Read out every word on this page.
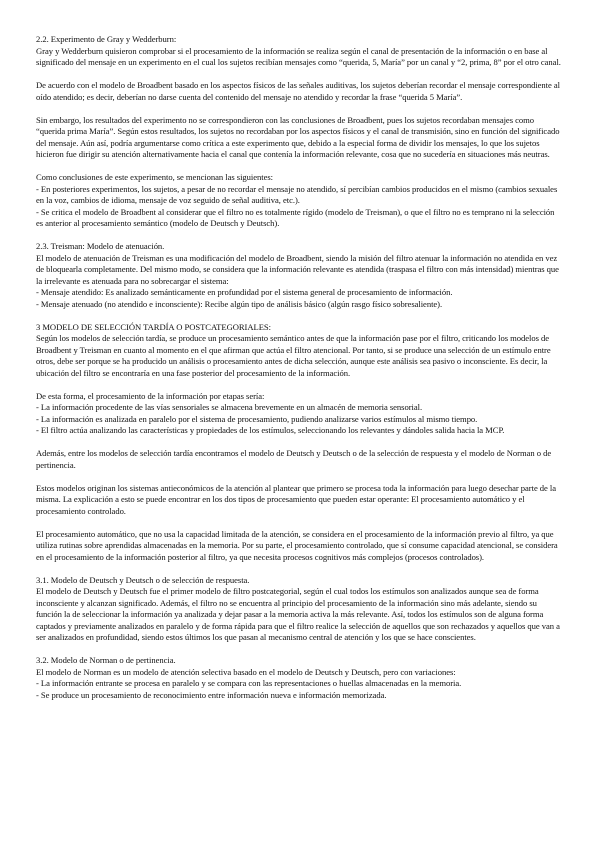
2.2. Experimento de Gray y Wedderburn:

Gray y Wedderburn quisieron comprobar si el procesamiento de la información se realiza según el canal de presentación de la información o en base al significado del mensaje en un experimento en el cual los sujetos recibían mensajes como “querida, 5, María” por un canal y “2, prima, 8” por el otro canal.

De acuerdo con el modelo de Broadbent basado en los aspectos físicos de las señales auditivas, los sujetos deberían recordar el mensaje correspondiente al oído atendido; es decir, deberían no darse cuenta del contenido del mensaje no atendido y recordar la frase “querida 5 María”.

Sin embargo, los resultados del experimento no se correspondieron con las conclusiones de Broadbent, pues los sujetos recordaban mensajes como “querida prima María”. Según estos resultados, los sujetos no recordaban por los aspectos físicos y el canal de transmisión, sino en función del significado del mensaje. Aún así, podría argumentarse como crítica a este experimento que, debido a la especial forma de dividir los mensajes, lo que los sujetos hicieron fue dirigir su atención alternativamente hacia el canal que contenía la información relevante, cosa que no sucedería en situaciones más neutras.

Como conclusiones de este experimento, se mencionan las siguientes:
- En posteriores experimentos, los sujetos, a pesar de no recordar el mensaje no atendido, sí percibían cambios producidos en el mismo (cambios sexuales en la voz, cambios de idioma, mensaje de voz seguido de señal auditiva, etc.).
- Se critica el modelo de Broadbent al considerar que el filtro no es totalmente rígido (modelo de Treisman), o que el filtro no es temprano ni la selección es anterior al procesamiento semántico (modelo de Deutsch y Deutsch).

2.3. Treisman: Modelo de atenuación.

El modelo de atenuación de Treisman es una modificación del modelo de Broadbent, siendo la misión del filtro atenuar la información no atendida en vez de bloquearla completamente. Del mismo modo, se considera que la información relevante es atendida (traspasa el filtro con más intensidad) mientras que la irrelevante es atenuada para no sobrecargar el sistema:
- Mensaje atendido: Es analizado semánticamente en profundidad por el sistema general de procesamiento de información.
- Mensaje atenuado (no atendido e inconsciente): Recibe algún tipo de análisis básico (algún rasgo físico sobresaliente).

3 MODELO DE SELECCIÓN TARDÍA O POSTCATEGORIALES:

Según los modelos de selección tardía, se produce un procesamiento semántico antes de que la información pase por el filtro, criticando los modelos de Broadbent y Treisman en cuanto al momento en el que afirman que actúa el filtro atencional. Por tanto, si se produce una selección de un estímulo entre otros, debe ser porque se ha producido un análisis o procesamiento antes de dicha selección, aunque este análisis sea pasivo o inconsciente. Es decir, la ubicación del filtro se encontraría en una fase posterior del procesamiento de la información.

De esta forma, el procesamiento de la información por etapas sería:
- La información procedente de las vías sensoriales se almacena brevemente en un almacén de memoria sensorial.
- La información es analizada en paralelo por el sistema de procesamiento, pudiendo analizarse varios estímulos al mismo tiempo.
- El filtro actúa analizando las características y propiedades de los estímulos, seleccionando los relevantes y dándoles salida hacia la MCP.

Además, entre los modelos de selección tardía encontramos el modelo de Deutsch y Deutsch o de la selección de respuesta y el modelo de Norman o de pertinencia.

Estos modelos originan los sistemas antieconómicos de la atención al plantear que primero se procesa toda la información para luego desechar parte de la misma. La explicación a esto se puede encontrar en los dos tipos de procesamiento que pueden estar operante: El procesamiento automático y el procesamiento controlado.

El procesamiento automático, que no usa la capacidad limitada de la atención, se considera en el procesamiento de la información previo al filtro, ya que utiliza rutinas sobre aprendidas almacenadas en la memoria. Por su parte, el procesamiento controlado, que sí consume capacidad atencional, se considera en el procesamiento de la información posterior al filtro, ya que necesita procesos cognitivos más complejos (procesos controlados).

3.1. Modelo de Deutsch y Deutsch o de selección de respuesta.

El modelo de Deutsch y Deutsch fue el primer modelo de filtro postcategorial, según el cual todos los estímulos son analizados aunque sea de forma inconsciente y alcanzan significado. Además, el filtro no se encuentra al principio del procesamiento de la información sino más adelante, siendo su función la de seleccionar la información ya analizada y dejar pasar a la memoria activa la más relevante. Así, todos los estímulos son de alguna forma captados y previamente analizados en paralelo y de forma rápida para que el filtro realice la selección de aquellos que son rechazados y aquellos que van a ser analizados en profundidad, siendo estos últimos los que pasan al mecanismo central de atención y los que se hace conscientes.

3.2. Modelo de Norman o de pertinencia.

El modelo de Norman es un modelo de atención selectiva basado en el modelo de Deutsch y Deutsch, pero con variaciones:
- La información entrante se procesa en paralelo y se compara con las representaciones o huellas almacenadas en la memoria.
- Se produce un procesamiento de reconocimiento entre información nueva e información memorizada.
